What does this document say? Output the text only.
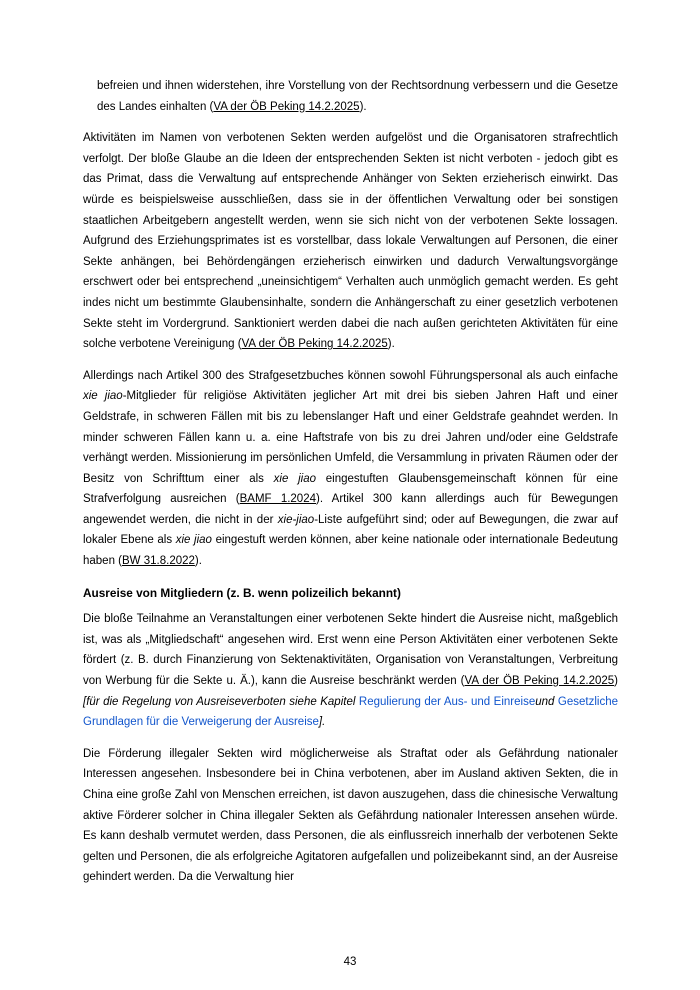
befreien und ihnen widerstehen, ihre Vorstellung von der Rechtsordnung verbessern und die Gesetze des Landes einhalten (VA der ÖB Peking 14.2.2025).

Aktivitäten im Namen von verbotenen Sekten werden aufgelöst und die Organisatoren strafrechtlich verfolgt. Der bloße Glaube an die Ideen der entsprechenden Sekten ist nicht verboten - jedoch gibt es das Primat, dass die Verwaltung auf entsprechende Anhänger von Sekten erzieherisch einwirkt. Das würde es beispielsweise ausschließen, dass sie in der öffentlichen Verwaltung oder bei sonstigen staatlichen Arbeitgebern angestellt werden, wenn sie sich nicht von der verbotenen Sekte lossagen. Aufgrund des Erziehungsprimates ist es vorstellbar, dass lokale Verwaltungen auf Personen, die einer Sekte anhängen, bei Behördengängen erzieherisch einwirken und dadurch Verwaltungsvorgänge erschwert oder bei entsprechend „uneinsichtigem“ Verhalten auch unmöglich gemacht werden. Es geht indes nicht um bestimmte Glaubensinhalte, sondern die Anhängerschaft zu einer gesetzlich verbotenen Sekte steht im Vordergrund. Sanktioniert werden dabei die nach außen gerichteten Aktivitäten für eine solche verbotene Vereinigung (VA der ÖB Peking 14.2.2025).

Allerdings nach Artikel 300 des Strafgesetzbuches können sowohl Führungspersonal als auch einfache xie jiao-Mitglieder für religiöse Aktivitäten jeglicher Art mit drei bis sieben Jahren Haft und einer Geldstrafe, in schweren Fällen mit bis zu lebenslanger Haft und einer Geldstrafe geahndet werden. In minder schweren Fällen kann u. a. eine Haftstrafe von bis zu drei Jahren und/oder eine Geldstrafe verhängt werden. Missionierung im persönlichen Umfeld, die Versammlung in privaten Räumen oder der Besitz von Schrifttum einer als xie jiao eingestuften Glaubensgemeinschaft können für eine Strafverfolgung ausreichen (BAMF 1.2024). Artikel 300 kann allerdings auch für Bewegungen angewendet werden, die nicht in der xie-jiao-Liste aufgeführt sind; oder auf Bewegungen, die zwar auf lokaler Ebene als xie jiao eingestuft werden können, aber keine nationale oder internationale Bedeutung haben (BW 31.8.2022).

Ausreise von Mitgliedern (z. B. wenn polizeilich bekannt)

Die bloße Teilnahme an Veranstaltungen einer verbotenen Sekte hindert die Ausreise nicht, maßgeblich ist, was als „Mitgliedschaft“ angesehen wird. Erst wenn eine Person Aktivitäten einer verbotenen Sekte fördert (z. B. durch Finanzierung von Sektenaktivitäten, Organisation von Veranstaltungen, Verbreitung von Werbung für die Sekte u. Ä.), kann die Ausreise beschränkt werden (VA der ÖB Peking 14.2.2025) [für die Regelung von Ausreiseverboten siehe Kapitel Regulierung der Aus- und Einreiseund Gesetzliche Grundlagen für die Verweigerung der Ausreise].

Die Förderung illegaler Sekten wird möglicherweise als Straftat oder als Gefährdung nationaler Interessen angesehen. Insbesondere bei in China verbotenen, aber im Ausland aktiven Sekten, die in China eine große Zahl von Menschen erreichen, ist davon auszugehen, dass die chinesische Verwaltung aktive Förderer solcher in China illegaler Sekten als Gefährdung nationaler Interessen ansehen würde. Es kann deshalb vermutet werden, dass Personen, die als einflussreich innerhalb der verbotenen Sekte gelten und Personen, die als erfolgreiche Agitatoren aufgefallen und polizeibekannt sind, an der Ausreise gehindert werden. Da die Verwaltung hier

43
